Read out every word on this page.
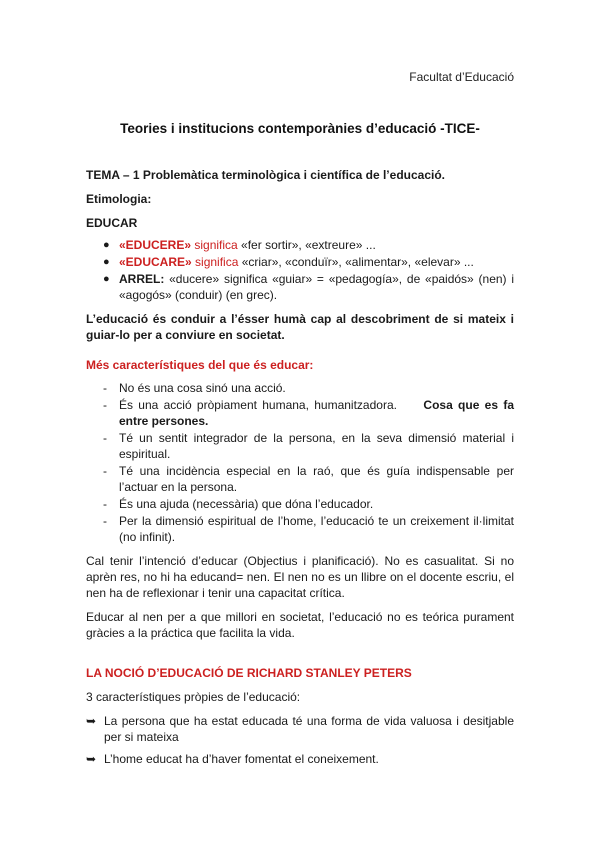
Facultat d’Educació
Teories i institucions contemporànies d’educació -TICE-

TEMA – 1 Problemàtica terminològica i científica de l’educació.

Etimologia:

EDUCAR

● «EDUCERE» significa «fer sortir», «extreure» ...
● «EDUCARE» significa «criar», «conduïr», «alimentar», «elevar» ...
● ARREL: «ducere» significa «guiar» = «pedagogía», de «paidós» (nen) i «agogós» (conduir) (en grec).

L’educació és conduir a l’ésser humà cap al descobriment de si mateix i guiar-lo per a conviure en societat.

Més característiques del que és educar:

- No és una cosa sinó una acció.
- És una acció pròpiament humana, humanitzadora. Cosa que es fa entre persones.
- Té un sentit integrador de la persona, en la seva dimensió material i espiritual.
- Té una incidència especial en la raó, que és guía indispensable per l’actuar en la persona.
- És una ajuda (necessària) que dóna l’educador.
- Per la dimensió espiritual de l’home, l’educació te un creixement il·limitat (no infinit).

Cal tenir l’intenció d’educar (Objectius i planificació). No es casualitat. Si no aprèn res, no hi ha educand= nen. El nen no es un llibre on el docente escriu, el nen ha de reflexionar i tenir una capacitat crítica.

Educar al nen per a que millori en societat, l’educació no es teórica purament gràcies a la práctica que facilita la vida.

LA NOCIÓ D’EDUCACIÓ DE RICHARD STANLEY PETERS

3 característiques pròpies de l’educació:

➥ La persona que ha estat educada té una forma de vida valuosa i desitjable per si mateixa

➥ L’home educat ha d’haver fomentat el coneixement.
